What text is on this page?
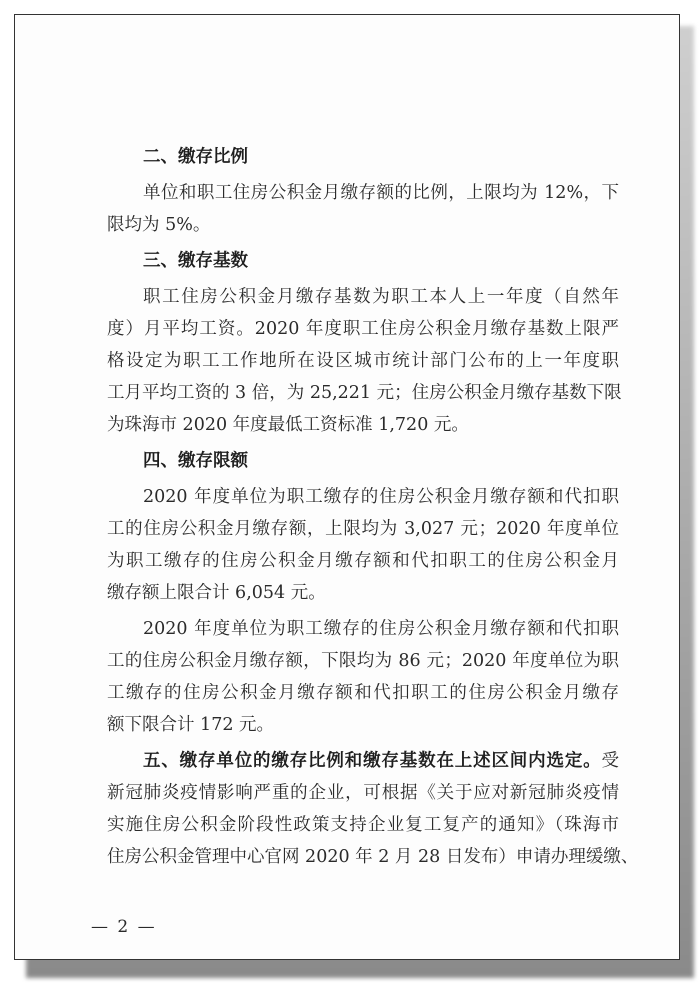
二、缴存比例
单位和职工住房公积金月缴存额的比例，上限均为 12%，下
限均为 5%。
三、缴存基数
职工住房公积金月缴存基数为职工本人上一年度（自然年
度）月平均工资。2020 年度职工住房公积金月缴存基数上限严
格设定为职工工作地所在设区城市统计部门公布的上一年度职
工月平均工资的 3 倍，为 25,221 元；住房公积金月缴存基数下限
为珠海市 2020 年度最低工资标准 1,720 元。
四、缴存限额
2020 年度单位为职工缴存的住房公积金月缴存额和代扣职
工的住房公积金月缴存额，上限均为 3,027 元；2020 年度单位
为职工缴存的住房公积金月缴存额和代扣职工的住房公积金月
缴存额上限合计 6,054 元。
2020 年度单位为职工缴存的住房公积金月缴存额和代扣职
工的住房公积金月缴存额，下限均为 86 元；2020 年度单位为职
工缴存的住房公积金月缴存额和代扣职工的住房公积金月缴存
额下限合计 172 元。
五、缴存单位的缴存比例和缴存基数在上述区间内选定。受
新冠肺炎疫情影响严重的企业，可根据《关于应对新冠肺炎疫情
实施住房公积金阶段性政策支持企业复工复产的通知》（珠海市
住房公积金管理中心官网 2020 年 2 月 28 日发布）申请办理缓缴、
— 2 —
